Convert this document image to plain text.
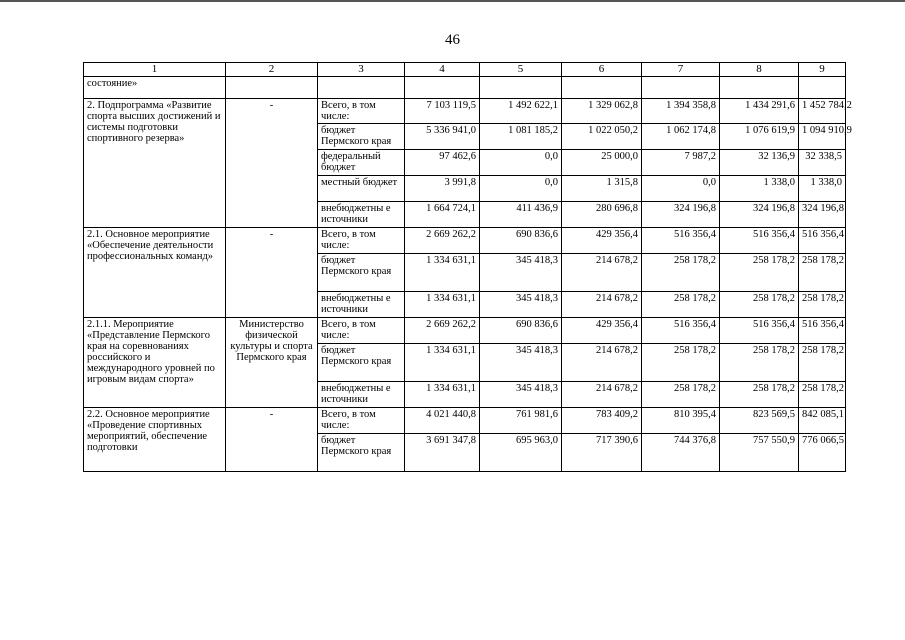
46
1	2	3	4	5	6	7	8	9
состояние»								
2. Подпрограмма «Развитие спорта высших достижений и системы подготовки спортивного резерва»	-	Всего, в том числе:	7 103 119,5	1 492 622,1	1 329 062,8	1 394 358,8	1 434 291,6	1 452 784,2
		бюджет Пермского края	5 336 941,0	1 081 185,2	1 022 050,2	1 062 174,8	1 076 619,9	1 094 910,9
		федеральный бюджет	97 462,6	0,0	25 000,0	7 987,2	32 136,9	32 338,5
		местный бюджет	3 991,8	0,0	1 315,8	0,0	1 338,0	1 338,0
		внебюджетны е источники	1 664 724,1	411 436,9	280 696,8	324 196,8	324 196,8	324 196,8
2.1. Основное мероприятие «Обеспечение деятельности профессиональных команд»	-	Всего, в том числе:	2 669 262,2	690 836,6	429 356,4	516 356,4	516 356,4	516 356,4
		бюджет Пермского края	1 334 631,1	345 418,3	214 678,2	258 178,2	258 178,2	258 178,2
		внебюджетны е источники	1 334 631,1	345 418,3	214 678,2	258 178,2	258 178,2	258 178,2
2.1.1. Мероприятие «Представление Пермского края на соревнованиях российского и международного уровней по игровым видам спорта»	Министерство физической культуры и спорта Пермского края	Всего, в том числе:	2 669 262,2	690 836,6	429 356,4	516 356,4	516 356,4	516 356,4
		бюджет Пермского края	1 334 631,1	345 418,3	214 678,2	258 178,2	258 178,2	258 178,2
		внебюджетны е источники	1 334 631,1	345 418,3	214 678,2	258 178,2	258 178,2	258 178,2
2.2. Основное мероприятие «Проведение спортивных мероприятий, обеспечение подготовки	-	Всего, в том числе:	4 021 440,8	761 981,6	783 409,2	810 395,4	823 569,5	842 085,1
		бюджет Пермского края	3 691 347,8	695 963,0	717 390,6	744 376,8	757 550,9	776 066,5
